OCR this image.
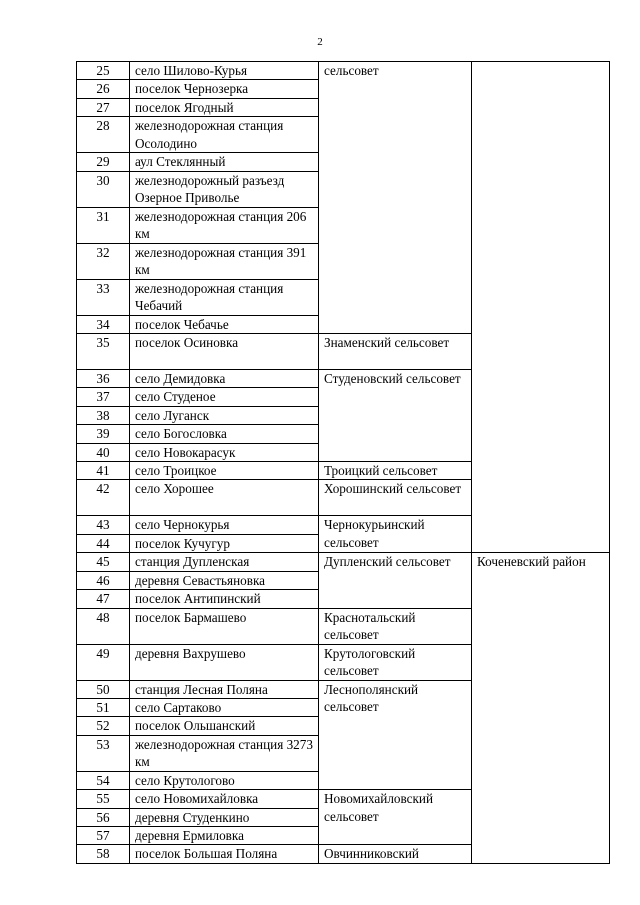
2
25	село Шилово-Курья	сельсовет	
26	поселок Чернозерка		
27	поселок Ягодный		
28	железнодорожная станция Осолодино		
29	аул Стеклянный		
30	железнодорожный разъезд Озерное Приволье		
31	железнодорожная станция 206 км		
32	железнодорожная станция 391 км		
33	железнодорожная станция Чебачий		
34	поселок Чебачье		
35	поселок Осиновка	Знаменский сельсовет	
36	село Демидовка	Студеновский сельсовет	
37	село Студеное		
38	село Луганск		
39	село Богословка		
40	село Новокарасук		
41	село Троицкое	Троицкий сельсовет	
42	село Хорошее	Хорошинский сельсовет	
43	село Чернокурья	Чернокурьинский сельсовет	
44	поселок Кучугур		
45	станция Дупленская	Дупленский сельсовет	Коченевский район
46	деревня Севастьяновка		
47	поселок Антипинский		
48	поселок Бармашево	Краснотальский сельсовет	
49	деревня Вахрушево	Крутологовский сельсовет	
50	станция Лесная Поляна	Леснополянский сельсовет	
51	село Сартаково		
52	поселок Ольшанский		
53	железнодорожная станция 3273 км		
54	село Крутологово		
55	село Новомихайловка	Новомихайловский сельсовет	
56	деревня Студенкино		
57	деревня Ермиловка		
58	поселок Большая Поляна	Овчинниковский	
